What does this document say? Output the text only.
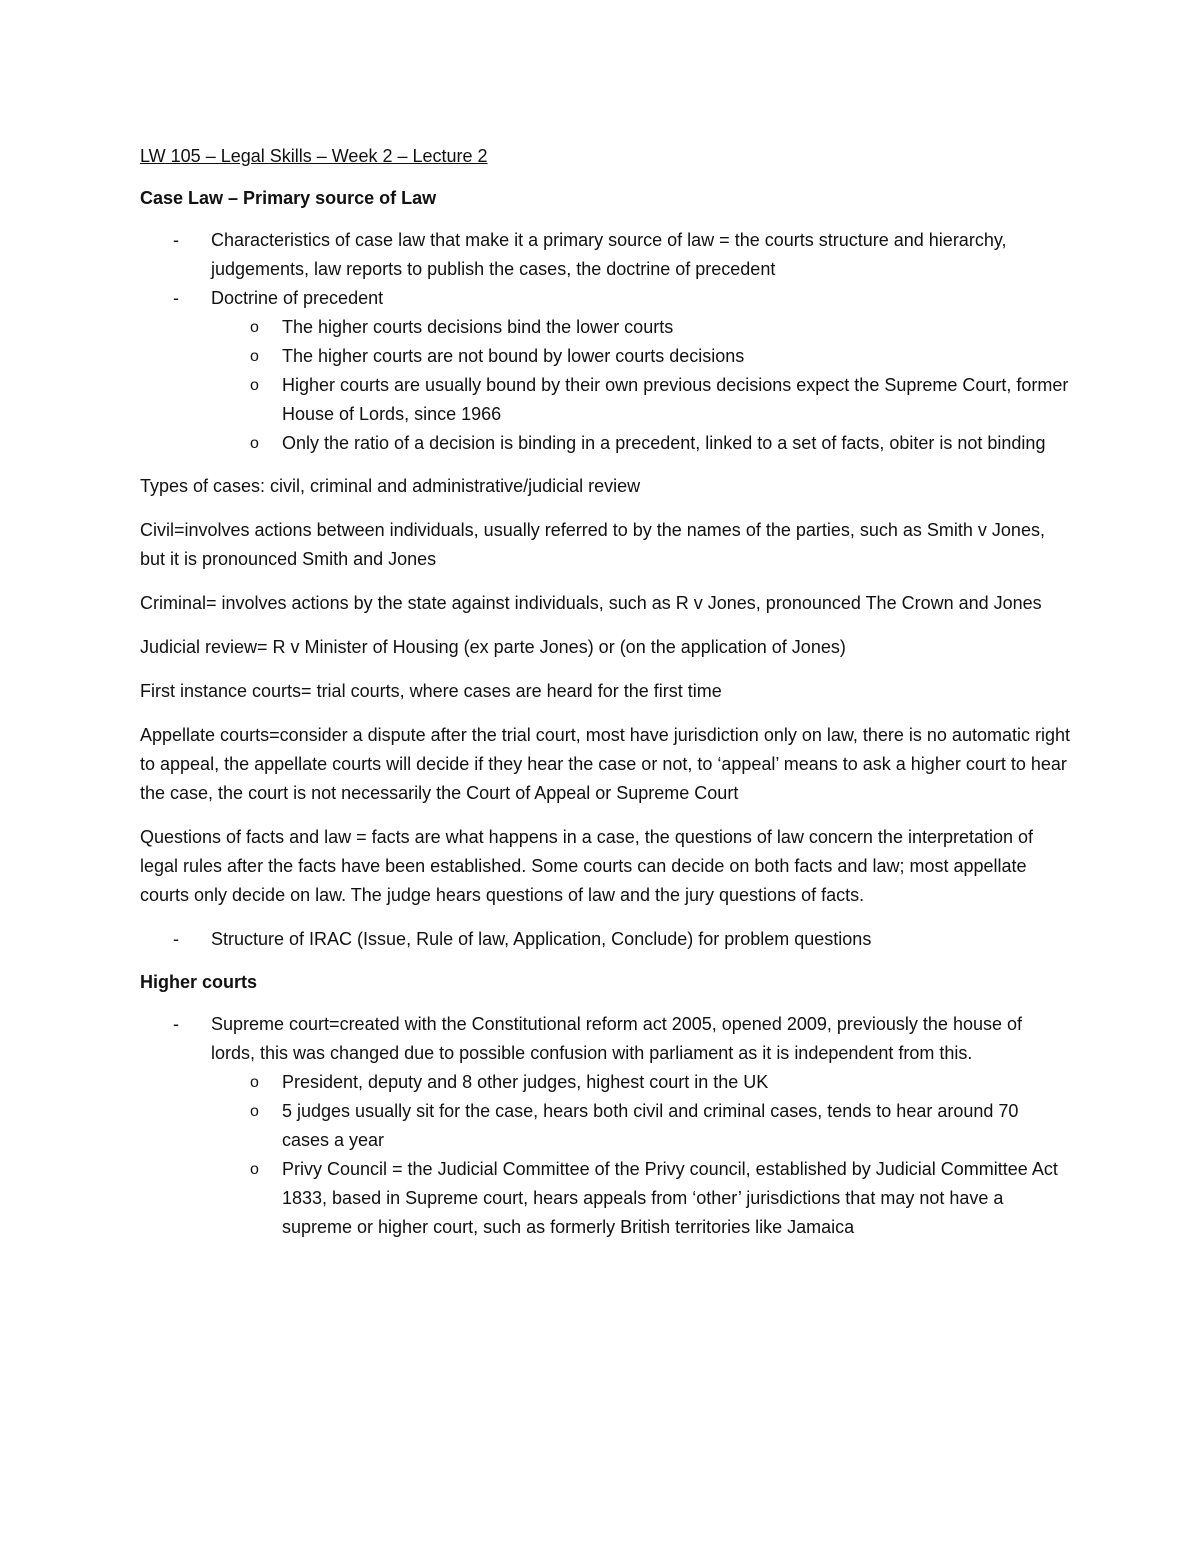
LW 105 – Legal Skills – Week 2 – Lecture 2
Case Law – Primary source of Law
- Characteristics of case law that make it a primary source of law = the courts structure and hierarchy, judgements, law reports to publish the cases, the doctrine of precedent
- Doctrine of precedent
o The higher courts decisions bind the lower courts
o The higher courts are not bound by lower courts decisions
o Higher courts are usually bound by their own previous decisions expect the Supreme Court, former House of Lords, since 1966
o Only the ratio of a decision is binding in a precedent, linked to a set of facts, obiter is not binding

Types of cases: civil, criminal and administrative/judicial review

Civil=involves actions between individuals, usually referred to by the names of the parties, such as Smith v Jones, but it is pronounced Smith and Jones

Criminal= involves actions by the state against individuals, such as R v Jones, pronounced The Crown and Jones

Judicial review= R v Minister of Housing (ex parte Jones) or (on the application of Jones)

First instance courts= trial courts, where cases are heard for the first time

Appellate courts=consider a dispute after the trial court, most have jurisdiction only on law, there is no automatic right to appeal, the appellate courts will decide if they hear the case or not, to ‘appeal’ means to ask a higher court to hear the case, the court is not necessarily the Court of Appeal or Supreme Court

Questions of facts and law = facts are what happens in a case, the questions of law concern the interpretation of legal rules after the facts have been established. Some courts can decide on both facts and law; most appellate courts only decide on law. The judge hears questions of law and the jury questions of facts.

- Structure of IRAC (Issue, Rule of law, Application, Conclude) for problem questions
Higher courts
- Supreme court=created with the Constitutional reform act 2005, opened 2009, previously the house of lords, this was changed due to possible confusion with parliament as it is independent from this.
o President, deputy and 8 other judges, highest court in the UK
o 5 judges usually sit for the case, hears both civil and criminal cases, tends to hear around 70 cases a year
o Privy Council = the Judicial Committee of the Privy council, established by Judicial Committee Act 1833, based in Supreme court, hears appeals from ‘other’ jurisdictions that may not have a supreme or higher court, such as formerly British territories like Jamaica
